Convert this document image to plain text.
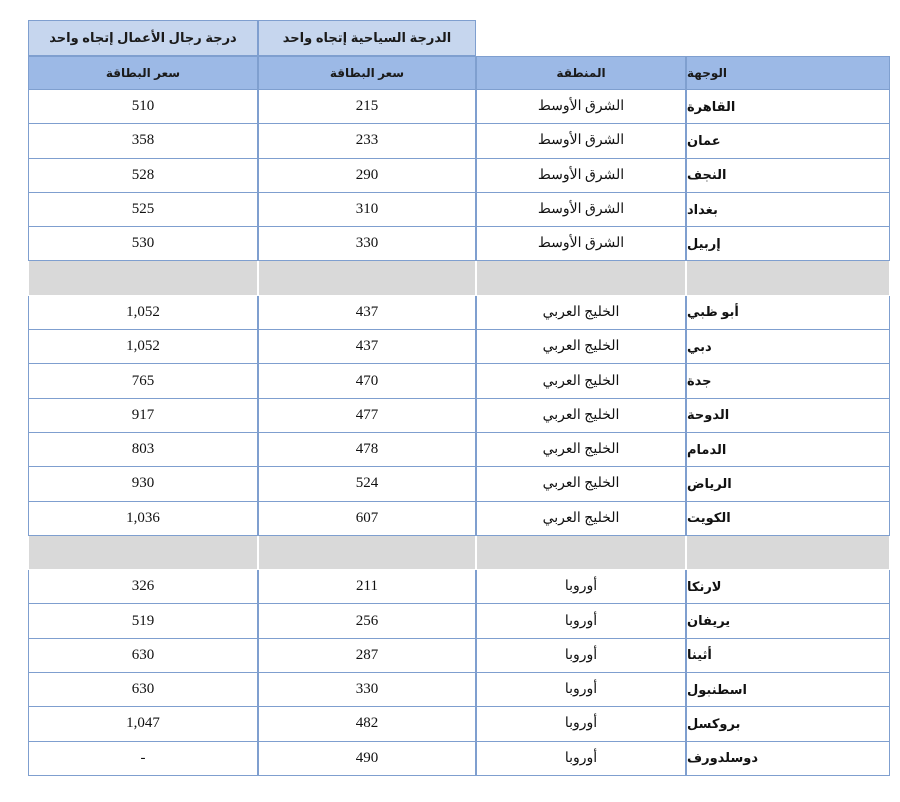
درجة رجال الأعمال إتجاه واحد	الدرجة السياحية إتجاه واحد
سعر البطاقة	سعر البطاقة	المنطقة	الوجهة
510	215	الشرق الأوسط	القاهرة
358	233	الشرق الأوسط	عمان
528	290	الشرق الأوسط	النجف
525	310	الشرق الأوسط	بغداد
530	330	الشرق الأوسط	إربيل
1,052	437	الخليج العربي	أبو ظبي
1,052	437	الخليج العربي	دبي
765	470	الخليج العربي	جدة
917	477	الخليج العربي	الدوحة
803	478	الخليج العربي	الدمام
930	524	الخليج العربي	الرياض
1,036	607	الخليج العربي	الكويت
326	211	أوروبا	لارنكا
519	256	أوروبا	يريفان
630	287	أوروبا	أثينا
630	330	أوروبا	اسطنبول
1,047	482	أوروبا	بروكسل
-	490	أوروبا	دوسلدورف
